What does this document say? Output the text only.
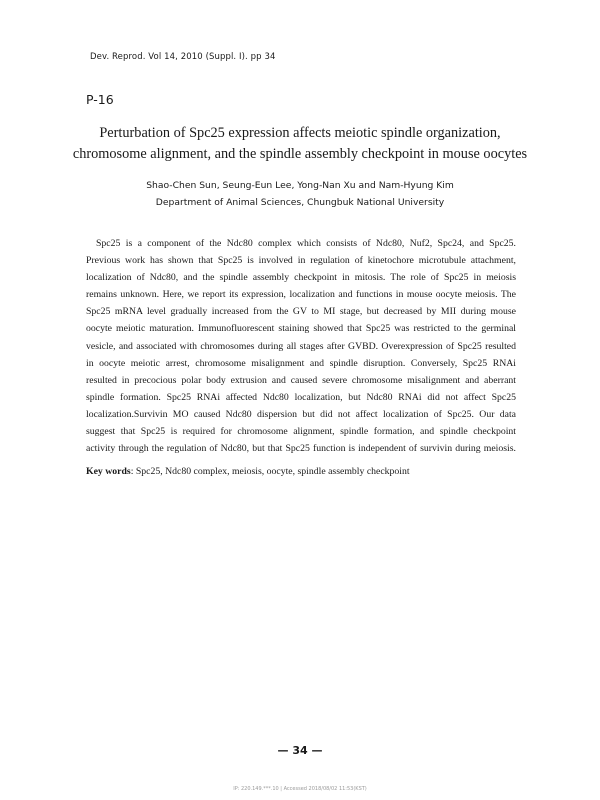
Dev. Reprod. Vol 14, 2010 (Suppl. I). pp 34
P-16
Perturbation of Spc25 expression affects meiotic spindle organization,
chromosome alignment, and the spindle assembly checkpoint in mouse oocytes
Shao-Chen Sun, Seung-Eun Lee, Yong-Nan Xu and Nam-Hyung Kim
Department of Animal Sciences, Chungbuk National University
Spc25 is a component of the Ndc80 complex which consists of Ndc80, Nuf2, Spc24, and Spc25.
Previous work has shown that Spc25 is involved in regulation of kinetochore microtubule attachment,
localization of Ndc80, and the spindle assembly checkpoint in mitosis. The role of Spc25 in meiosis
remains unknown. Here, we report its expression, localization and functions in mouse oocyte meiosis. The
Spc25 mRNA level gradually increased from the GV to MI stage, but decreased by MII during mouse
oocyte meiotic maturation. Immunofluorescent staining showed that Spc25 was restricted to the germinal
vesicle, and associated with chromosomes during all stages after GVBD. Overexpression of Spc25 resulted
in oocyte meiotic arrest, chromosome misalignment and spindle disruption. Conversely, Spc25 RNAi
resulted in precocious polar body extrusion and caused severe chromosome misalignment and aberrant
spindle formation. Spc25 RNAi affected Ndc80 localization, but Ndc80 RNAi did not affect Spc25
localization.Survivin MO caused Ndc80 dispersion but did not affect localization of Spc25. Our data
suggest that Spc25 is required for chromosome alignment, spindle formation, and spindle checkpoint
activity through the regulation of Ndc80, but that Spc25 function is independent of survivin during meiosis.
Key words: Spc25, Ndc80 complex, meiosis, oocyte, spindle assembly checkpoint
— 34 —
IP: 220.149.***.10 | Accessed 2018/08/02 11:53(KST)
